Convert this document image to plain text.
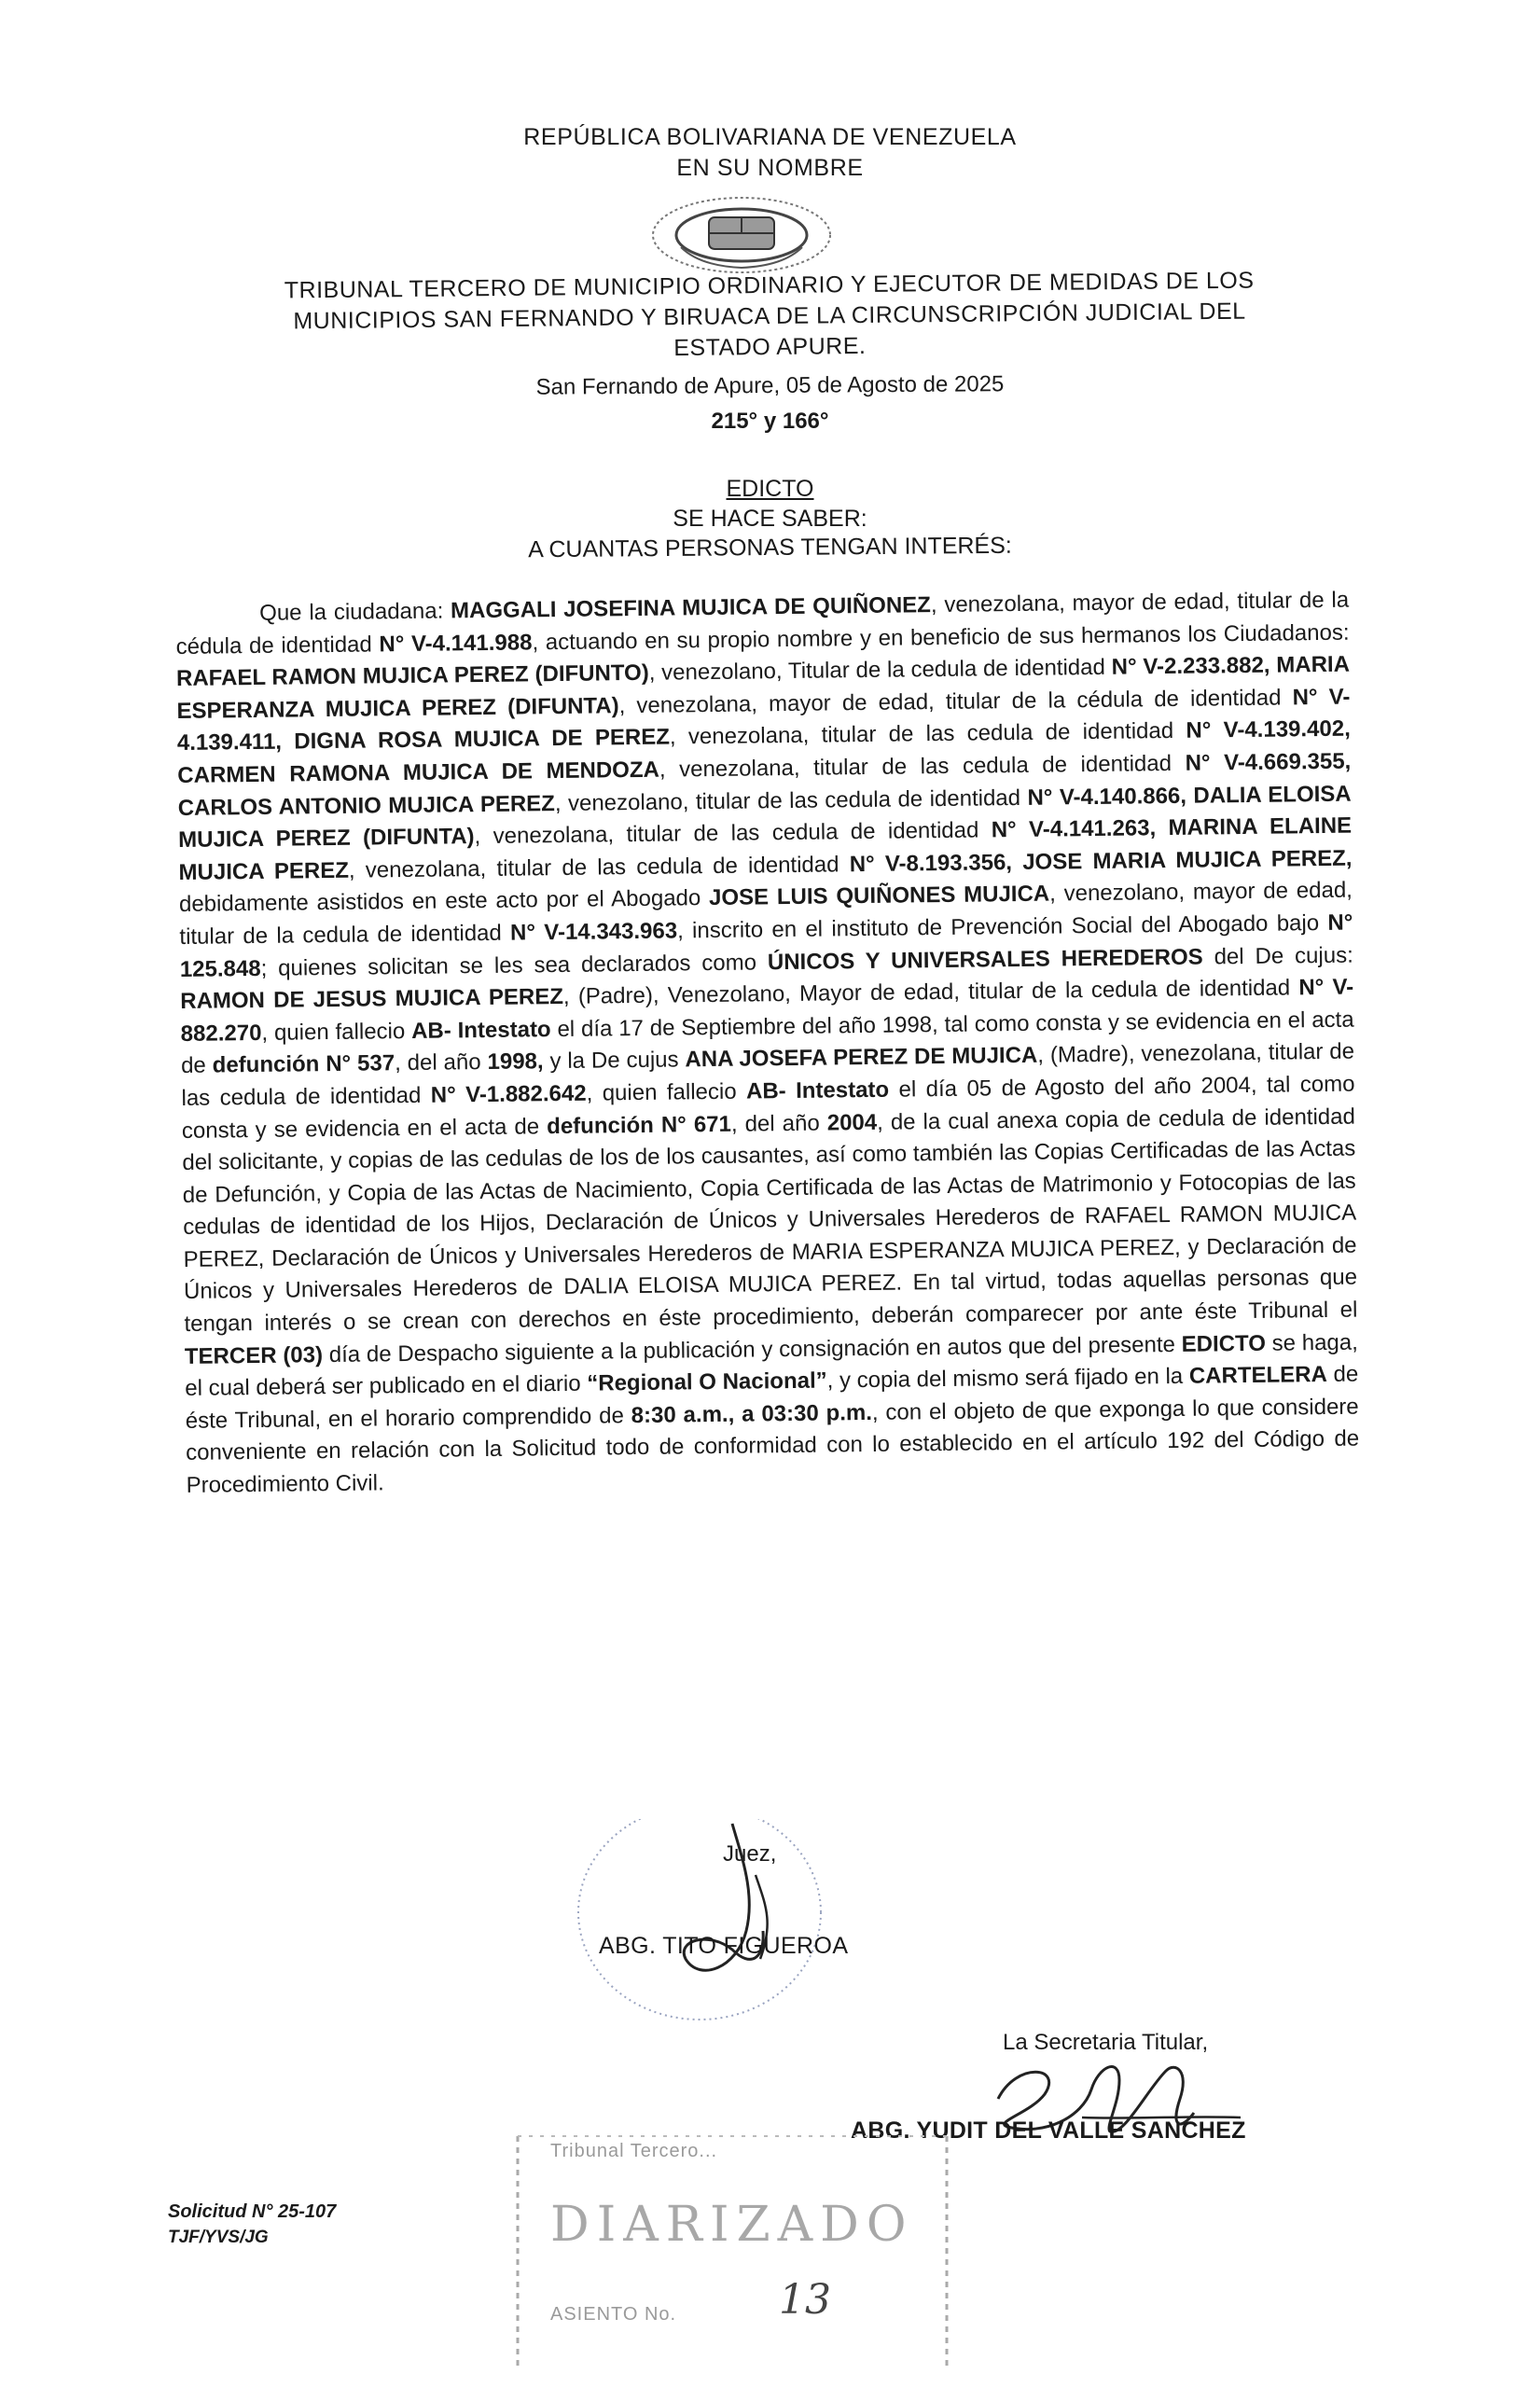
REPÚBLICA BOLIVARIANA DE VENEZUELA
EN SU NOMBRE
TRIBUNAL TERCERO DE MUNICIPIO ORDINARIO Y EJECUTOR DE MEDIDAS DE LOS
MUNICIPIOS SAN FERNANDO Y BIRUACA DE LA CIRCUNSCRIPCIÓN JUDICIAL DEL
ESTADO APURE.
San Fernando de Apure, 05 de Agosto de 2025
215° y 166°
EDICTO
SE HACE SABER:
A CUANTAS PERSONAS TENGAN INTERÉS:

Que la ciudadana: MAGGALI JOSEFINA MUJICA DE QUIÑONEZ, venezolana, mayor de edad, titular de la cédula de identidad N° V-4.141.988, actuando en su propio nombre y en beneficio de sus hermanos los Ciudadanos: RAFAEL RAMON MUJICA PEREZ (DIFUNTO), venezolano, Titular de la cedula de identidad N° V-2.233.882, MARIA ESPERANZA MUJICA PEREZ (DIFUNTA), venezolana, mayor de edad, titular de la cédula de identidad N° V-4.139.411, DIGNA ROSA MUJICA DE PEREZ, venezolana, titular de las cedula de identidad N° V-4.139.402, CARMEN RAMONA MUJICA DE MENDOZA, venezolana, titular de las cedula de identidad N° V-4.669.355, CARLOS ANTONIO MUJICA PEREZ, venezolano, titular de las cedula de identidad N° V-4.140.866, DALIA ELOISA MUJICA PEREZ (DIFUNTA), venezolana, titular de las cedula de identidad N° V-4.141.263, MARINA ELAINE MUJICA PEREZ, venezolana, titular de las cedula de identidad N° V-8.193.356, JOSE MARIA MUJICA PEREZ, debidamente asistidos en este acto por el Abogado JOSE LUIS QUIÑONES MUJICA, venezolano, mayor de edad, titular de la cedula de identidad N° V-14.343.963, inscrito en el instituto de Prevención Social del Abogado bajo N° 125.848; quienes solicitan se les sea declarados como ÚNICOS Y UNIVERSALES HEREDEROS del De cujus: RAMON DE JESUS MUJICA PEREZ, (Padre), Venezolano, Mayor de edad, titular de la cedula de identidad N° V-882.270, quien fallecio AB- Intestato el día 17 de Septiembre del año 1998, tal como consta y se evidencia en el acta de defunción N° 537, del año 1998, y la De cujus ANA JOSEFA PEREZ DE MUJICA, (Madre), venezolana, titular de las cedula de identidad N° V-1.882.642, quien fallecio AB- Intestato el día 05 de Agosto del año 2004, tal como consta y se evidencia en el acta de defunción N° 671, del año 2004, de la cual anexa copia de cedula de identidad del solicitante, y copias de las cedulas de los de los causantes, así como también las Copias Certificadas de las Actas de Defunción, y Copia de las Actas de Nacimiento, Copia Certificada de las Actas de Matrimonio y Fotocopias de las cedulas de identidad de los Hijos, Declaración de Únicos y Universales Herederos de RAFAEL RAMON MUJICA PEREZ, Declaración de Únicos y Universales Herederos de MARIA ESPERANZA MUJICA PEREZ, y Declaración de Únicos y Universales Herederos de DALIA ELOISA MUJICA PEREZ. En tal virtud, todas aquellas personas que tengan interés o se crean con derechos en éste procedimiento, deberán comparecer por ante éste Tribunal el TERCER (03) día de Despacho siguiente a la publicación y consignación en autos que del presente EDICTO se haga, el cual deberá ser publicado en el diario “Regional O Nacional”, y copia del mismo será fijado en la CARTELERA de éste Tribunal, en el horario comprendido de 8:30 a.m., a 03:30 p.m., con el objeto de que exponga lo que considere conveniente en relación con la Solicitud todo de conformidad con lo establecido en el artículo 192 del Código de Procedimiento Civil.

Juez,
ABG. TITO FIGUEROA
La Secretaria Titular,
ABG. YUDIT DEL VALLE SANCHEZ
Tribunal Tercero...
DIARIZADO
ASIENTO No. 13
Solicitud N° 25-107
TJF/YVS/JG
